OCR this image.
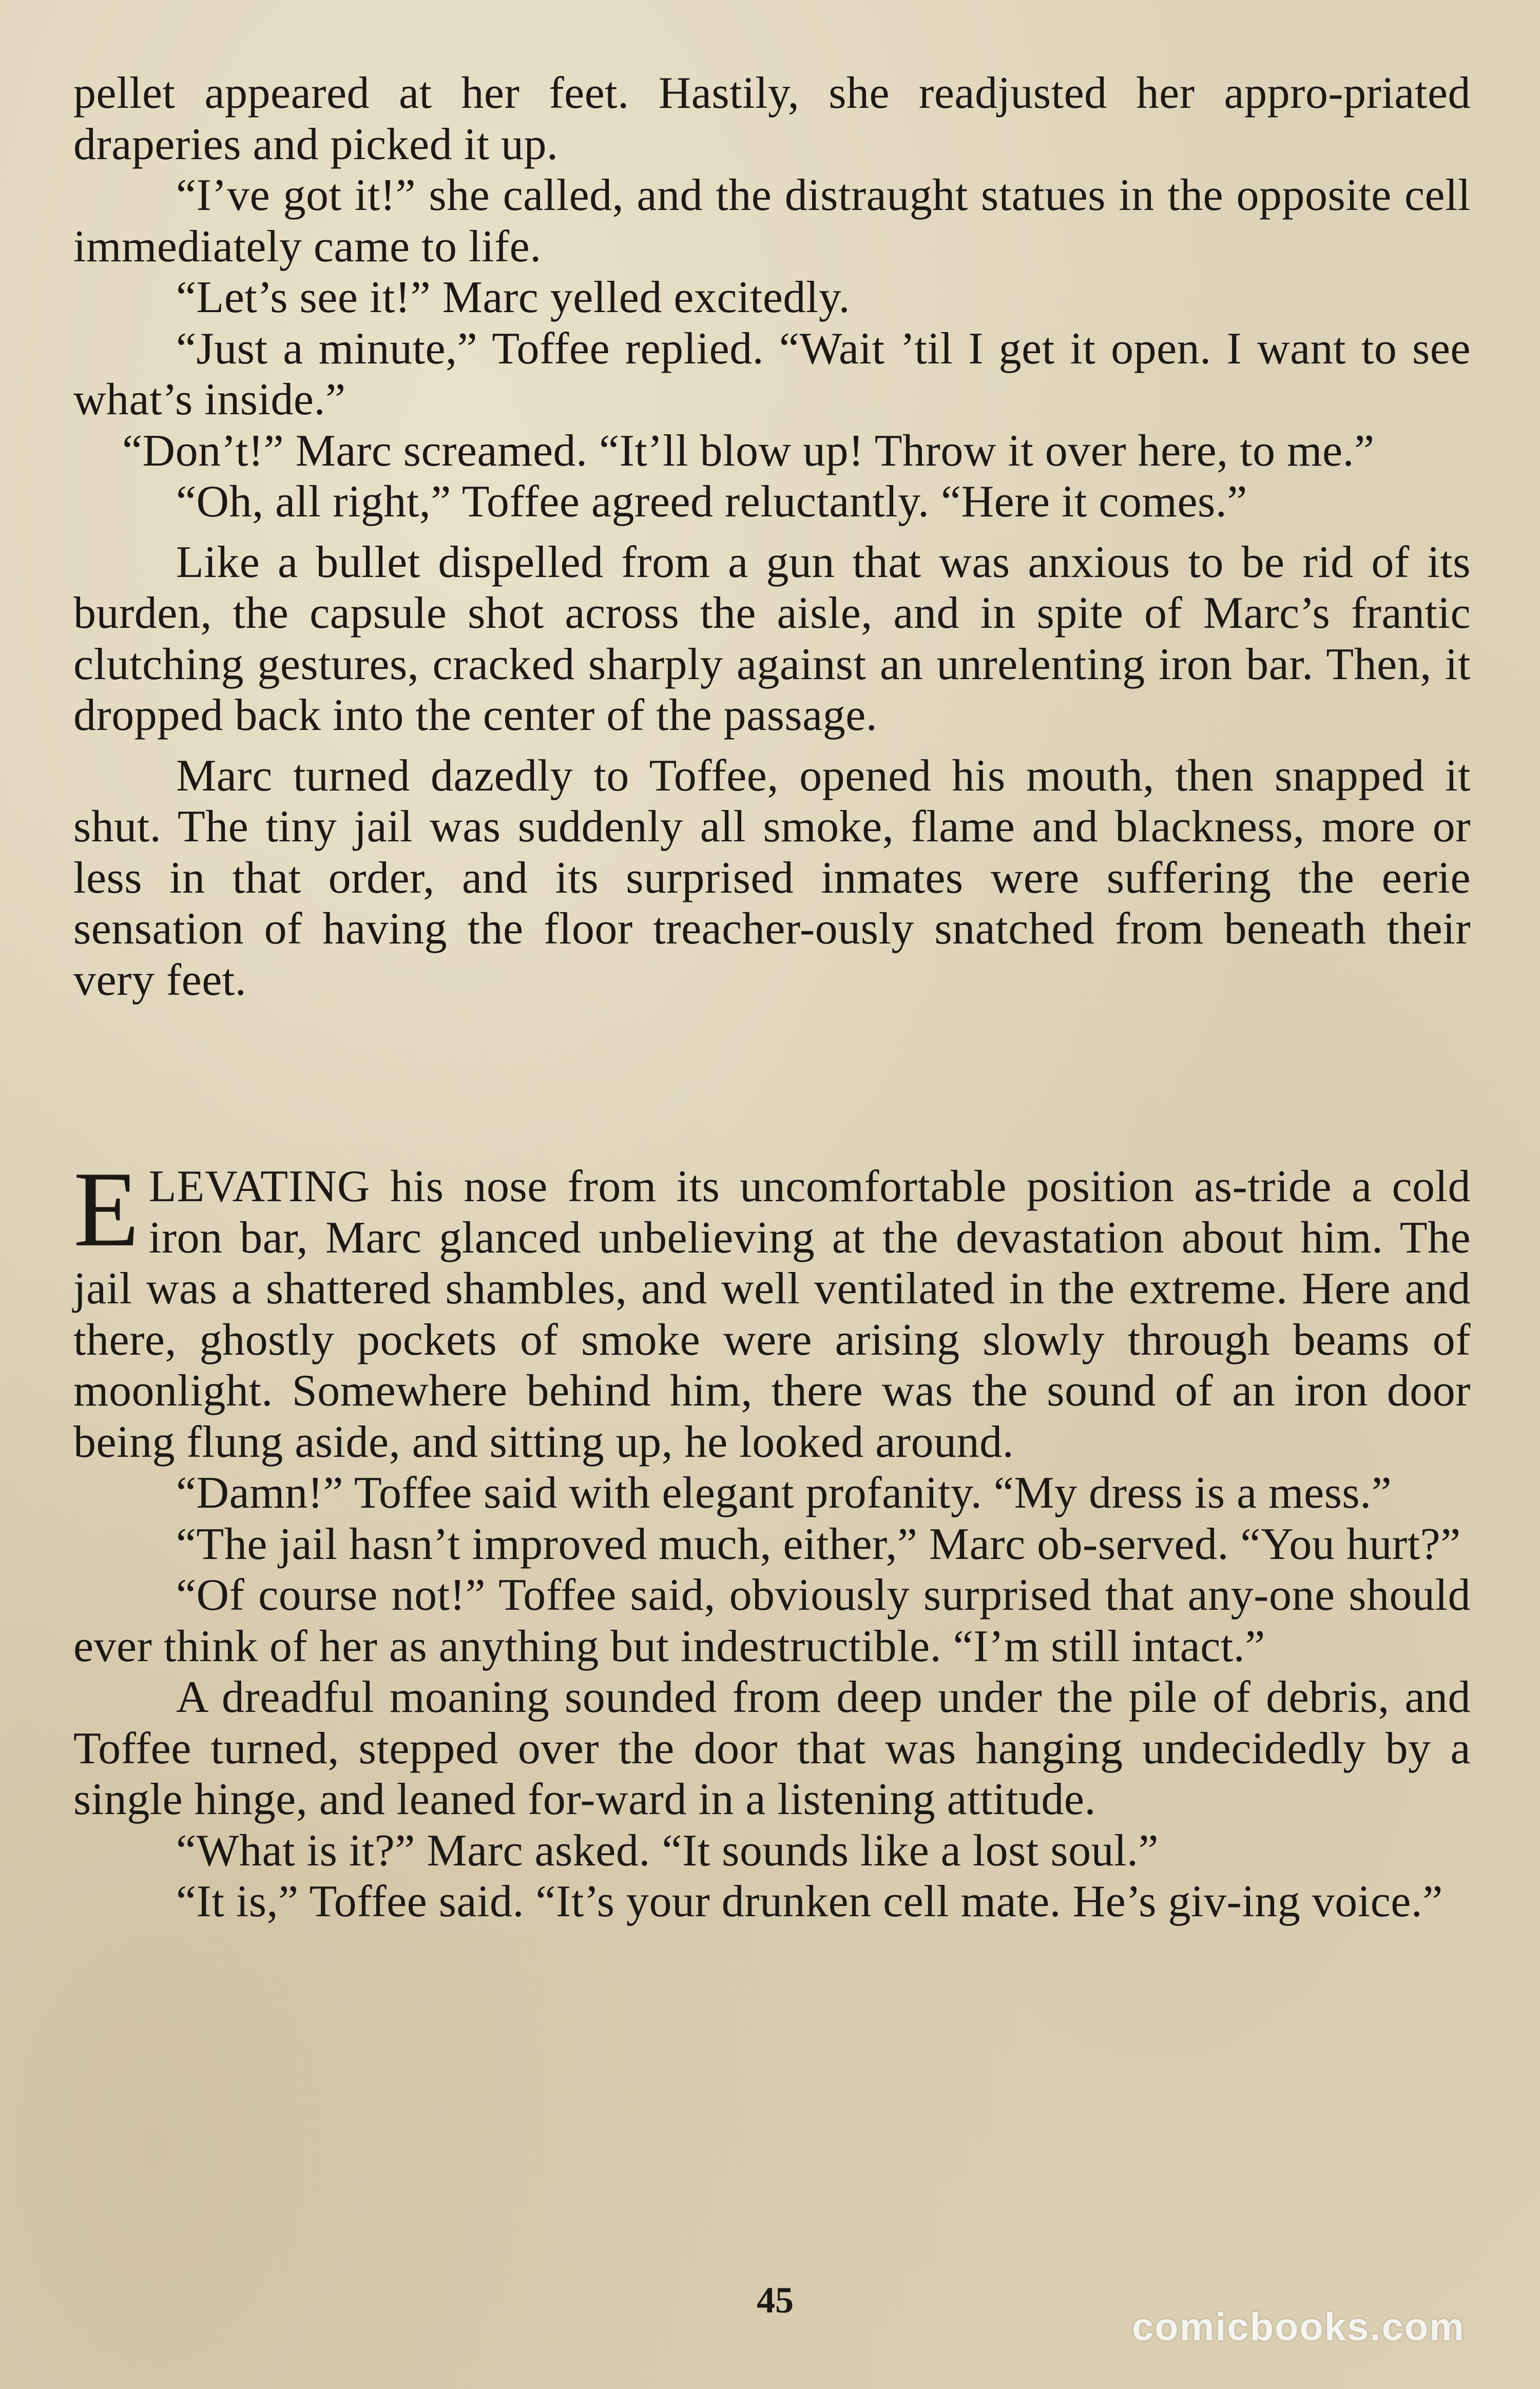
pellet appeared at her feet. Hastily, she readjusted her appro-priated draperies and picked it up.

“I’ve got it!” she called, and the distraught statues in the opposite cell immediately came to life.

“Let’s see it!” Marc yelled excitedly.

“Just a minute,” Toffee replied. “Wait ’til I get it open. I want to see what’s inside.”

“Don’t!” Marc screamed. “It’ll blow up! Throw it over here, to me.”

“Oh, all right,” Toffee agreed reluctantly. “Here it comes.”

Like a bullet dispelled from a gun that was anxious to be rid of its burden, the capsule shot across the aisle, and in spite of Marc’s frantic clutching gestures, cracked sharply against an unrelenting iron bar. Then, it dropped back into the center of the passage.

Marc turned dazedly to Toffee, opened his mouth, then snapped it shut. The tiny jail was suddenly all smoke, flame and blackness, more or less in that order, and its surprised inmates were suffering the eerie sensation of having the floor treacher-ously snatched from beneath their very feet.

ELEVATING his nose from its uncomfortable position as-tride a cold iron bar, Marc glanced unbelieving at the devastation about him. The jail was a shattered shambles, and well ventilated in the extreme. Here and there, ghostly pockets of smoke were arising slowly through beams of moonlight. Somewhere behind him, there was the sound of an iron door being flung aside, and sitting up, he looked around.

“Damn!” Toffee said with elegant profanity. “My dress is a mess.”

“The jail hasn’t improved much, either,” Marc ob-served. “You hurt?”

“Of course not!” Toffee said, obviously surprised that any-one should ever think of her as anything but indestructible. “I’m still intact.”

A dreadful moaning sounded from deep under the pile of debris, and Toffee turned, stepped over the door that was hanging undecidedly by a single hinge, and leaned for-ward in a listening attitude.

“What is it?” Marc asked. “It sounds like a lost soul.”

“It is,” Toffee said. “It’s your drunken cell mate. He’s giv-ing voice.”

45
comicbooks.com
